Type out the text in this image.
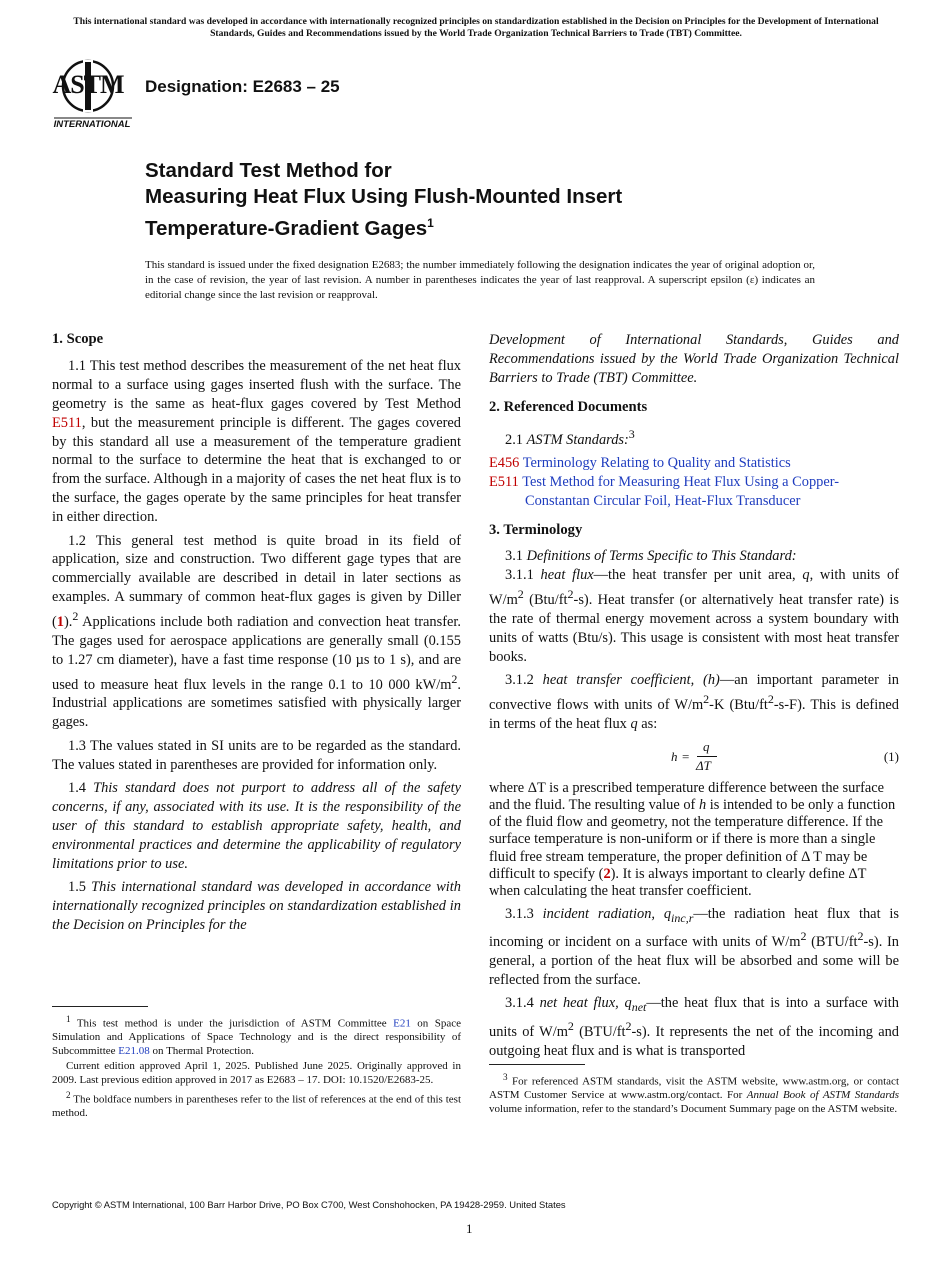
This international standard was developed in accordance with internationally recognized principles on standardization established in the Decision on Principles for the Development of International Standards, Guides and Recommendations issued by the World Trade Organization Technical Barriers to Trade (TBT) Committee.
ASTM
INTERNATIONAL
Designation: E2683 – 25
Standard Test Method for
Measuring Heat Flux Using Flush-Mounted Insert
Temperature-Gradient Gages$^1$
This standard is issued under the fixed designation E2683; the number immediately following the designation indicates the year of original adoption or, in the case of revision, the year of last revision. A number in parentheses indicates the year of last reapproval. A superscript epsilon (ε) indicates an editorial change since the last revision or reapproval.
1. Scope

1.1 This test method describes the measurement of the net heat flux normal to a surface using gages inserted flush with the surface. The geometry is the same as heat-flux gages covered by Test Method E511, but the measurement principle is different. The gages covered by this standard all use a measurement of the temperature gradient normal to the surface to determine the heat that is exchanged to or from the surface. Although in a majority of cases the net heat flux is to the surface, the gages operate by the same principles for heat transfer in either direction.

1.2 This general test method is quite broad in its field of application, size and construction. Two different gage types that are commercially available are described in detail in later sections as examples. A summary of common heat-flux gages is given by Diller (1).$^2$ Applications include both radiation and convection heat transfer. The gages used for aerospace applications are generally small (0.155 to 1.27 cm diameter), have a fast time response (10 µs to 1 s), and are used to measure heat flux levels in the range 0.1 to 10 000 $kW/m^2$. Industrial applications are sometimes satisfied with physically larger gages.

1.3 The values stated in SI units are to be regarded as the standard. The values stated in parentheses are provided for information only.

1.4 This standard does not purport to address all of the safety concerns, if any, associated with its use. It is the responsibility of the user of this standard to establish appropriate safety, health, and environmental practices and determine the applicability of regulatory limitations prior to use.

1.5 This international standard was developed in accordance with internationally recognized principles on standardization established in the Decision on Principles for the

$^1$ This test method is under the jurisdiction of ASTM Committee E21 on Space Simulation and Applications of Space Technology and is the direct responsibility of Subcommittee E21.08 on Thermal Protection.

Current edition approved April 1, 2025. Published June 2025. Originally approved in 2009. Last previous edition approved in 2017 as E2683 – 17. DOI: 10.1520/E2683-25.

$^2$ The boldface numbers in parentheses refer to the list of references at the end of this test method.

Development of International Standards, Guides and Recommendations issued by the World Trade Organization Technical Barriers to Trade (TBT) Committee.

2. Referenced Documents

2.1 ASTM Standards:$^3$

E456 Terminology Relating to Quality and Statistics

E511 Test Method for Measuring Heat Flux Using a Copper-

Constantan Circular Foil, Heat-Flux Transducer

3. Terminology

3.1 Definitions of Terms Specific to This Standard:

3.1.1 heat flux—the heat transfer per unit area, q, with units of $W/m^2$ $(Btu/ft^2-s)$. Heat transfer (or alternatively heat transfer rate) is the rate of thermal energy movement across a system boundary with units of watts (Btu/s). This usage is consistent with most heat transfer books.

3.1.2 heat transfer coefficient, (h)—an important parameter in convective flows with units of $W/m^2-K$ $(Btu/ft^2-s-F)$. This is defined in terms of the heat flux q as:

h =
q
ΔT
(1)

where ΔT is a prescribed temperature difference between the surface and the fluid. The resulting value of h is intended to be only a function of the fluid flow and geometry, not the temperature difference. If the surface temperature is non-uniform or if there is more than a single fluid free stream temperature, the proper definition of Δ T may be difficult to specify (2). It is always important to clearly define ΔT when calculating the heat transfer coefficient.

3.1.3 incident radiation, $q_{inc,r}—the$ radiation heat flux that is incoming or incident on a surface with units of $W/m^2$ $(BTU/ft^2-s)$. In general, a portion of the heat flux will be absorbed and some will be reflected from the surface.

3.1.4 net heat flux, $q_{net}—the$ heat flux that is into a surface with units of $W/m^2$ $(BTU/ft^2-s)$. It represents the net of the incoming and outgoing heat flux and is what is transported

$^3$ For referenced ASTM standards, visit the ASTM website, www.astm.org, or contact ASTM Customer Service at www.astm.org/contact. For Annual Book of ASTM Standards volume information, refer to the standard’s Document Summary page on the ASTM website.

Copyright © ASTM International, 100 Barr Harbor Drive, PO Box C700, West Conshohocken, PA 19428-2959. United States
1
